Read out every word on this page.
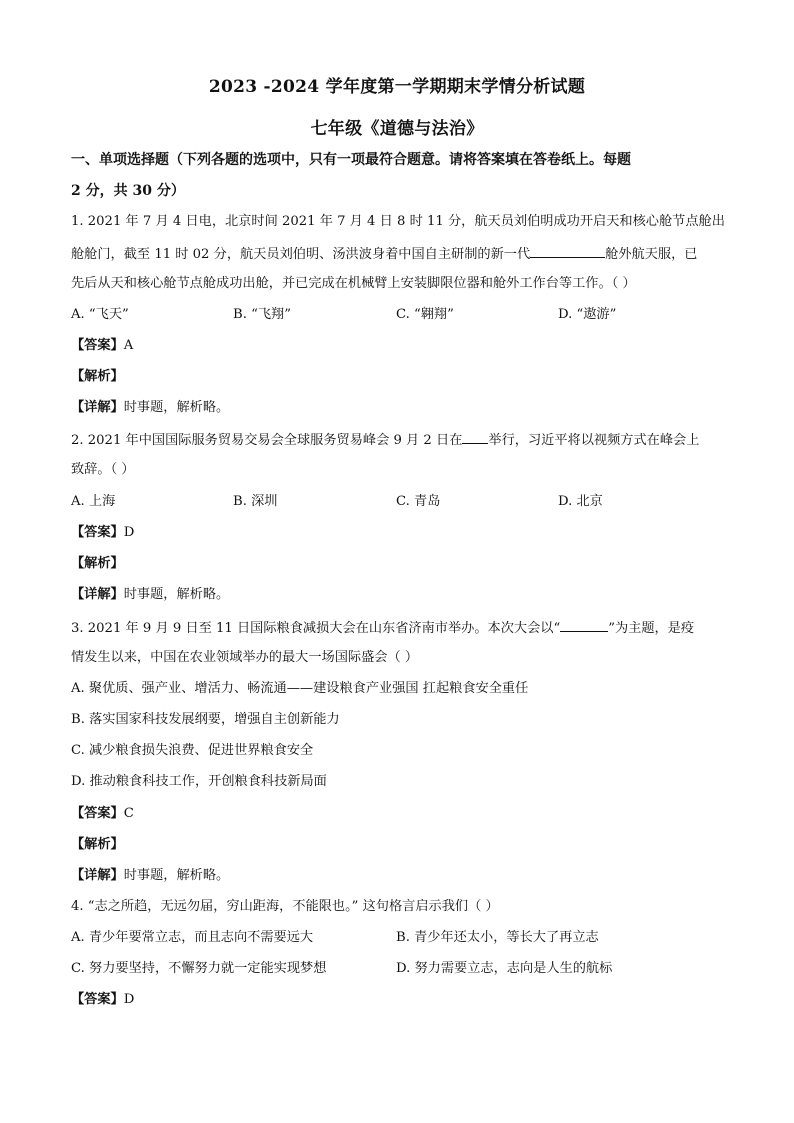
2023 -2024 学年度第一学期期末学情分析试题
七年级《道德与法治》
一、单项选择题（下列各题的选项中，只有一项最符合题意。请将答案填在答卷纸上。每题
2 分，共 30 分）
1. 2021 年 7 月 4 日电，北京时间 2021 年 7 月 4 日 8 时 11 分，航天员刘伯明成功开启天和核心舱节点舱出
舱舱门，截至 11 时 02 分，航天员刘伯明、汤洪波身着中国自主研制的新一代	舱外航天服，已
先后从天和核心舱节点舱成功出舱，并已完成在机械臂上安装脚限位器和舱外工作台等工作。（ ）
A. “飞天”	B. “飞翔”	C. “翱翔”	D. “遨游”
【答案】A
【解析】
【详解】时事题，解析略。
2. 2021 年中国国际服务贸易交易会全球服务贸易峰会 9 月 2 日在 举行，习近平将以视频方式在峰会上
致辞。（ ）
A. 上海	B. 深圳	C. 青岛	D. 北京
【答案】D
【解析】
【详解】时事题，解析略。
3. 2021 年 9 月 9 日至 11 日国际粮食减损大会在山东省济南市举办。本次大会以“	”为主题，是疫
情发生以来，中国在农业领域举办的最大一场国际盛会（ ）
A. 聚优质、强产业、增活力、畅流通——建设粮食产业强国 扛起粮食安全重任
B. 落实国家科技发展纲要，增强自主创新能力
C. 减少粮食损失浪费、促进世界粮食安全
D. 推动粮食科技工作，开创粮食科技新局面
【答案】C
【解析】
【详解】时事题，解析略。
4. “志之所趋，无远勿届，穷山距海，不能限也。” 这句格言启示我们（ ）
A. 青少年要常立志，而且志向不需要远大	B. 青少年还太小，等长大了再立志
C. 努力要坚持，不懈努力就一定能实现梦想	D. 努力需要立志，志向是人生的航标
【答案】D
